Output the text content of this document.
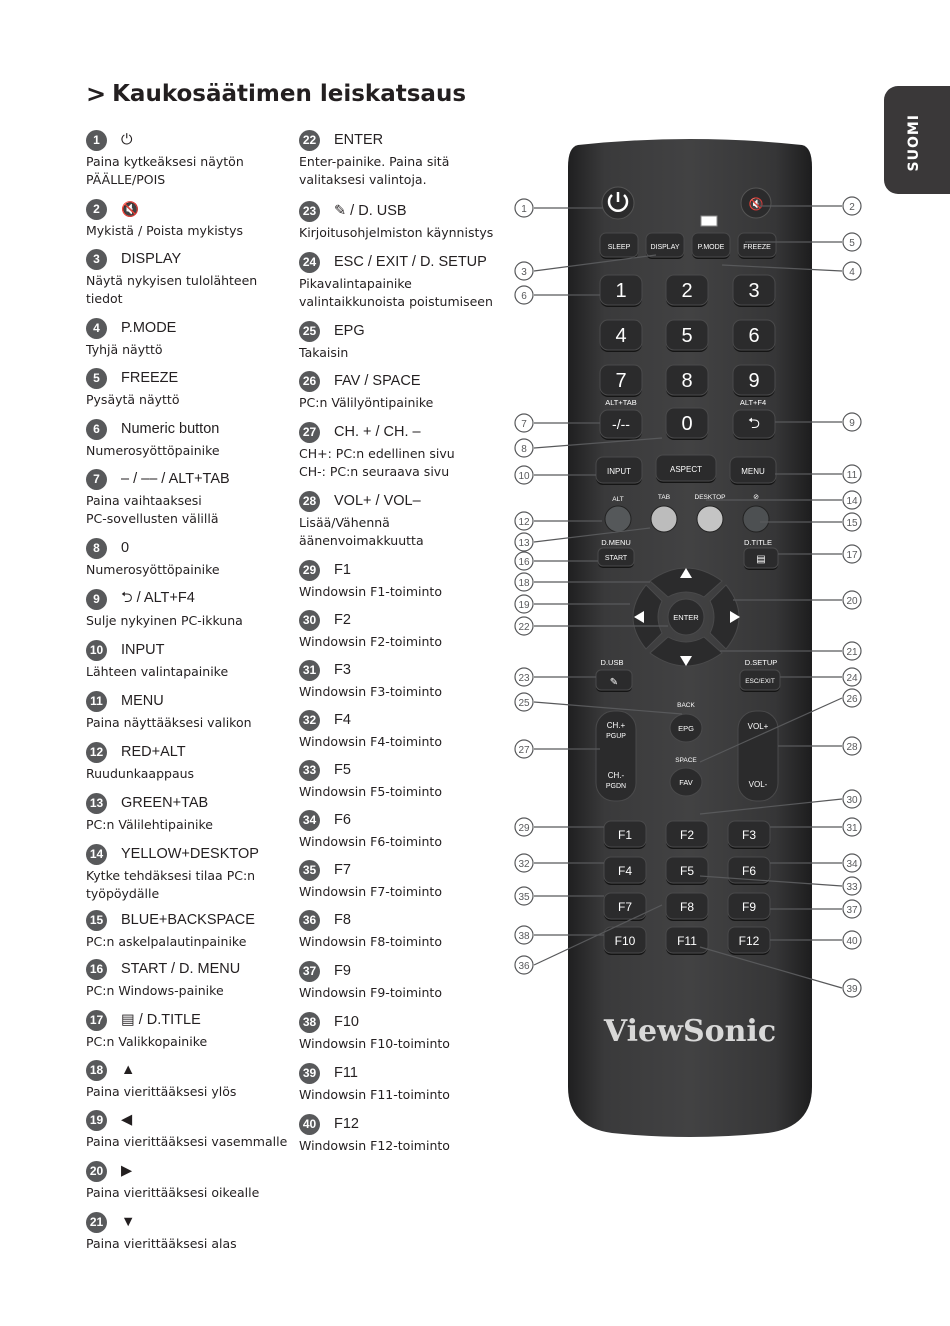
> Kaukosäätimen leiskatsaus
SUOMI
1	⏻
Paina kytkeäksesi näytön
PÄÄLLE/POIS
2	🔇
Mykistä / Poista mykistys
3	DISPLAY
Näytä nykyisen tulolähteen
tiedot
4	P.MODE
Tyhjä näyttö
5	FREEZE
Pysäytä näyttö
6	Numeric button
Numerosyöttöpainike
7	– / –– / ALT+TAB
Paina vaihtaaksesi
PC-sovellusten välillä
8	0
Numerosyöttöpainike
9	⮌ / ALT+F4
Sulje nykyinen PC-ikkuna
10 INPUT
Lähteen valintapainike
11 MENU
Paina näyttääksesi valikon
12 RED+ALT
Ruudunkaappaus
13 GREEN+TAB
PC:n Välilehtipainike
14 YELLOW+DESKTOP
Kytke tehdäksesi tilaa PC:n
työpöydälle
15 BLUE+BACKSPACE
PC:n askelpalautinpainike
16 START / D. MENU
PC:n Windows-painike
17 ▤ / D.TITLE
PC:n Valikkopainike
18 ▲
Paina vierittääksesi ylös
19 ◀
Paina vierittääksesi vasemmalle
20 ▶
Paina vierittääksesi oikealle
21 ▼
Paina vierittääksesi alas
22 ENTER
Enter-painike. Paina sitä
valitaksesi valintoja.
23 ✎ / D. USB
Kirjoitusohjelmiston käynnistys
24 ESC / EXIT / D. SETUP
Pikavalintapainike
valintaikkunoista poistumiseen
25 EPG
Takaisin
26 FAV / SPACE
PC:n Välilyöntipainike
27 CH. + / CH. –
CH+: PC:n edellinen sivu
CH-: PC:n seuraava sivu
28 VOL+ / VOL–
Lisää/Vähennä
äänenvoimakkuutta
29 F1
Windowsin F1-toiminto
30 F2
Windowsin F2-toiminto
31 F3
Windowsin F3-toiminto
32 F4
Windowsin F4-toiminto
33 F5
Windowsin F5-toiminto
34 F6
Windowsin F6-toiminto
35 F7
Windowsin F7-toiminto
36 F8
Windowsin F8-toiminto
37 F9
Windowsin F9-toiminto
38 F10
Windowsin F10-toiminto
39 F11
Windowsin F11-toiminto
40 F12
Windowsin F12-toiminto
🔇
SLEEP	DISPLAY	P.MODE	FREEZE
1	2	3
4	5	6
7	8	9
ALT+TAB	ALT+F4
-/--	0	⮌
INPUT	ASPECT	MENU
ALT	TAB	DESKTOP	⊘
D.MENU
START
D.TITLE
▤
ENTER
D.USB
✎
D.SETUP
ESC/EXIT
BACK
EPG
SPACE
FAV
CH.+
PGUP
CH.-
PGDN
VOL+
VOL-
F1	F2	F3
F4	F5	F6
F7	F8	F9
F10	F11	F12
ViewSonic
1	2
3	4
5
6
7
8
9
10	11
12
13
14
15
16
17
18
19	20
21
22
23	24
25	26
27	28
29
30
31
32
33
34
35
36
37
38
39
40
